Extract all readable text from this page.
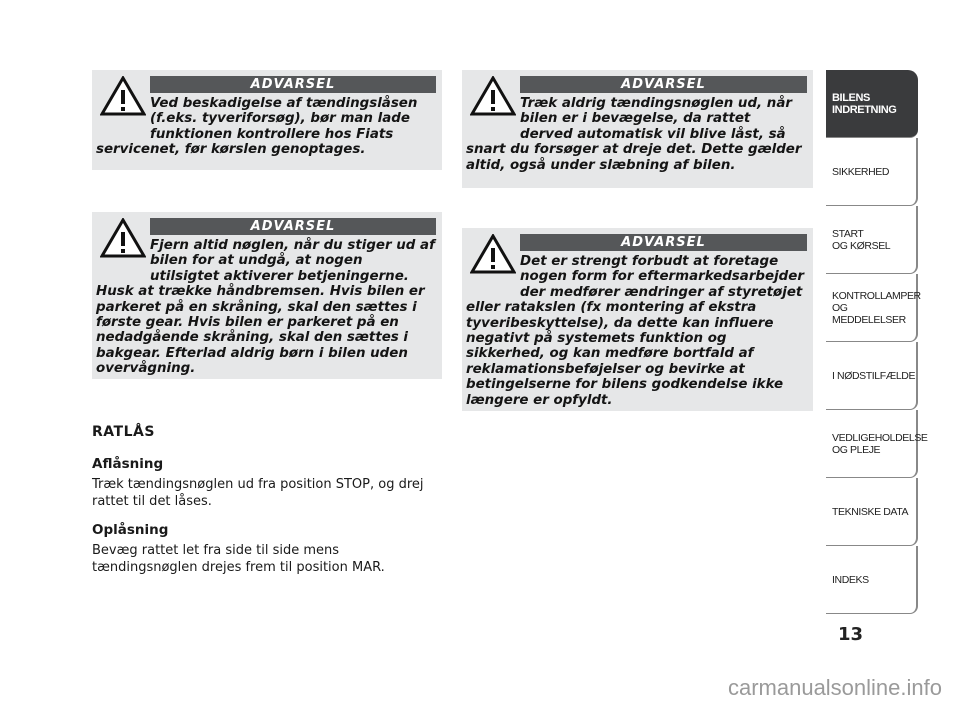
ADVARSEL

Ved beskadigelse af tændingslåsen (f.eks. tyveriforsøg), bør man lade funktionen kontrollere hos Fiats servicenet, før kørslen genoptages.

ADVARSEL

Fjern altid nøglen, når du stiger ud af bilen for at undgå, at nogen utilsigtet aktiverer betjeningerne. Husk at trække håndbremsen. Hvis bilen er parkeret på en skråning, skal den sættes i første gear. Hvis bilen er parkeret på en nedadgående skråning, skal den sættes i bakgear. Efterlad aldrig børn i bilen uden overvågning.

ADVARSEL

Træk aldrig tændingsnøglen ud, når bilen er i bevægelse, da rattet derved automatisk vil blive låst, så snart du forsøger at dreje det. Dette gælder altid, også under slæbning af bilen.

ADVARSEL

Det er strengt forbudt at foretage nogen form for eftermarkedsarbejder der medfører ændringer af styretøjet eller ratakslen (fx montering af ekstra tyveribeskyttelse), da dette kan influere negativt på systemets funktion og sikkerhed, og kan medføre bortfald af reklamationsbeføjelser og bevirke at betingelserne for bilens godkendelse ikke længere er opfyldt.

RATLÅS
Aflåsning

Træk tændingsnøglen ud fra position STOP, og drej rattet til det låses.

Oplåsning

Bevæg rattet let fra side til side mens tændingsnøglen drejes frem til position MAR.

BILENS
INDRETNING
SIKKERHED
START
OG KØRSEL
KONTROLLAMPER
OG MEDDELELSER
I NØDSTILFÆLDE
VEDLIGEHOLDELSE
OG PLEJE
TEKNISKE DATA
INDEKS
13
carmanualsonline.info
